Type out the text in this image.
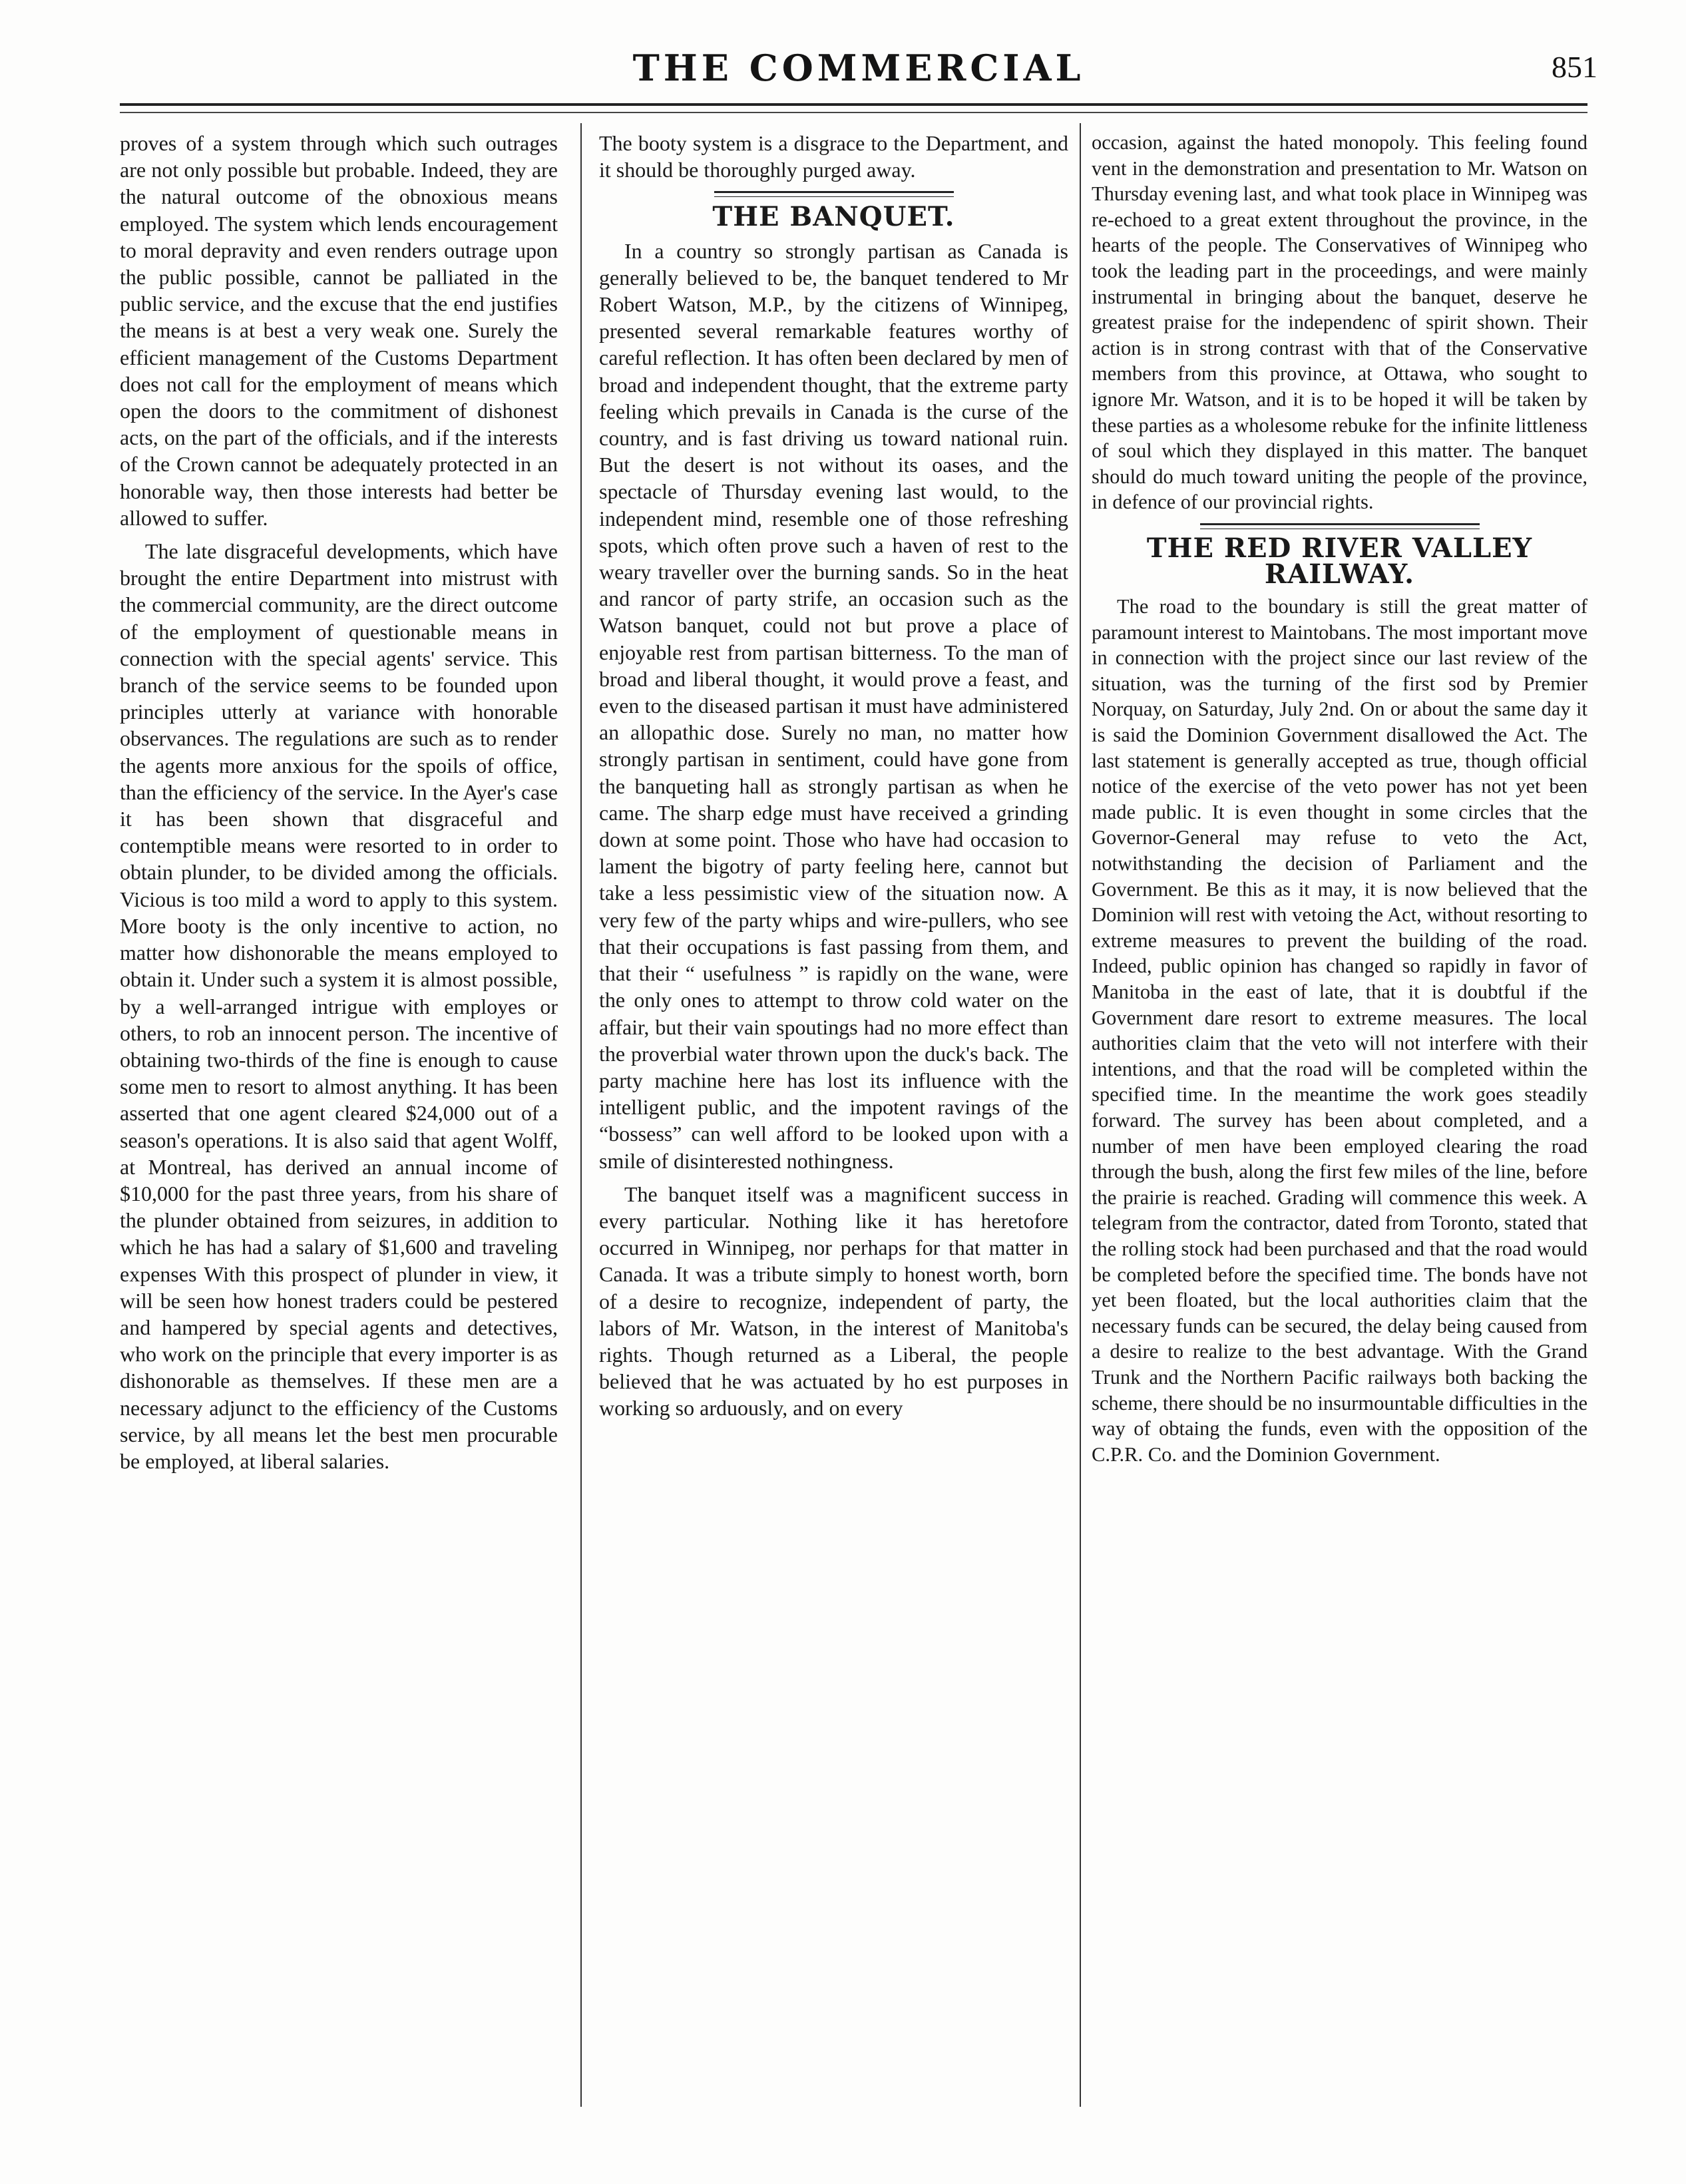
THE COMMERCIAL	851

proves of a system through which such outrages are not only possible but probable. Indeed, they are the natural outcome of the obnoxious means employed. The system which lends encouragement to moral depravity and even renders outrage upon the public possible, cannot be palliated in the public service, and the excuse that the end justifies the means is at best a very weak one. Surely the efficient management of the Customs Department does not call for the employment of means which open the doors to the commitment of dishonest acts, on the part of the officials, and if the interests of the Crown cannot be adequately protected in an honorable way, then those interests had better be allowed to suffer.

The late disgraceful developments, which have brought the entire Department into mistrust with the commercial community, are the direct outcome of the employment of questionable means in connection with the special agents' service. This branch of the service seems to be founded upon principles utterly at variance with honorable observances. The regulations are such as to render the agents more anxious for the spoils of office, than the efficiency of the service. In the Ayer's case it has been shown that disgraceful and contemptible means were resorted to in order to obtain plunder, to be divided among the officials. Vicious is too mild a word to apply to this system. More booty is the only incentive to action, no matter how dishonorable the means employed to obtain it. Under such a system it is almost possible, by a well-arranged intrigue with employes or others, to rob an innocent person. The incentive of obtaining two-thirds of the fine is enough to cause some men to resort to almost anything. It has been asserted that one agent cleared $24,000 out of a season's operations. It is also said that agent Wolff, at Montreal, has derived an annual income of $10,000 for the past three years, from his share of the plunder obtained from seizures, in addition to which he has had a salary of $1,600 and traveling expenses With this prospect of plunder in view, it will be seen how honest traders could be pestered and hampered by special agents and detectives, who work on the principle that every importer is as dishonorable as themselves. If these men are a necessary adjunct to the efficiency of the Customs service, by all means let the best men procurable be employed, at liberal salaries.

The booty system is a disgrace to the Department, and it should be thoroughly purged away.

THE BANQUET.

In a country so strongly partisan as Canada is generally believed to be, the banquet tendered to Mr Robert Watson, M.P., by the citizens of Winnipeg, presented several remarkable features worthy of careful reflection. It has often been declared by men of broad and independent thought, that the extreme party feeling which prevails in Canada is the curse of the country, and is fast driving us toward national ruin. But the desert is not without its oases, and the spectacle of Thursday evening last would, to the independent mind, resemble one of those refreshing spots, which often prove such a haven of rest to the weary traveller over the burning sands. So in the heat and rancor of party strife, an occasion such as the Watson banquet, could not but prove a place of enjoyable rest from partisan bitterness. To the man of broad and liberal thought, it would prove a feast, and even to the diseased partisan it must have administered an allopathic dose. Surely no man, no matter how strongly partisan in sentiment, could have gone from the banqueting hall as strongly partisan as when he came. The sharp edge must have received a grinding down at some point. Those who have had occasion to lament the bigotry of party feeling here, cannot but take a less pessimistic view of the situation now. A very few of the party whips and wire-pullers, who see that their occupations is fast passing from them, and that their “ usefulness ” is rapidly on the wane, were the only ones to attempt to throw cold water on the affair, but their vain spoutings had no more effect than the proverbial water thrown upon the duck's back. The party machine here has lost its influence with the intelligent public, and the impotent ravings of the “bossess” can well afford to be looked upon with a smile of disinterested nothingness.

The banquet itself was a magnificent success in every particular. Nothing like it has heretofore occurred in Winnipeg, nor perhaps for that matter in Canada. It was a tribute simply to honest worth, born of a desire to recognize, independent of party, the labors of Mr. Watson, in the interest of Manitoba's rights. Though returned as a Liberal, the people believed that he was actuated by ho est purposes in working so arduously, and on every

occasion, against the hated monopoly. This feeling found vent in the demonstration and presentation to Mr. Watson on Thursday evening last, and what took place in Winnipeg was re-echoed to a great extent throughout the province, in the hearts of the people. The Conservatives of Winnipeg who took the leading part in the proceedings, and were mainly instrumental in bringing about the banquet, deserve he greatest praise for the independenc of spirit shown. Their action is in strong contrast with that of the Conservative members from this province, at Ottawa, who sought to ignore Mr. Watson, and it is to be hoped it will be taken by these parties as a wholesome rebuke for the infinite littleness of soul which they displayed in this matter. The banquet should do much toward uniting the people of the province, in defence of our provincial rights.

THE RED RIVER VALLEY RAILWAY.

The road to the boundary is still the great matter of paramount interest to Maintobans. The most important move in connection with the project since our last review of the situation, was the turning of the first sod by Premier Norquay, on Saturday, July 2nd. On or about the same day it is said the Dominion Government disallowed the Act. The last statement is generally accepted as true, though official notice of the exercise of the veto power has not yet been made public. It is even thought in some circles that the Governor-General may refuse to veto the Act, notwithstanding the decision of Parliament and the Government. Be this as it may, it is now believed that the Dominion will rest with vetoing the Act, without resorting to extreme measures to prevent the building of the road. Indeed, public opinion has changed so rapidly in favor of Manitoba in the east of late, that it is doubtful if the Government dare resort to extreme measures. The local authorities claim that the veto will not interfere with their intentions, and that the road will be completed within the specified time. In the meantime the work goes steadily forward. The survey has been about completed, and a number of men have been employed clearing the road through the bush, along the first few miles of the line, before the prairie is reached. Grading will commence this week. A telegram from the contractor, dated from Toronto, stated that the rolling stock had been purchased and that the road would be completed before the specified time. The bonds have not yet been floated, but the local authorities claim that the necessary funds can be secured, the delay being caused from a desire to realize to the best advantage. With the Grand Trunk and the Northern Pacific railways both backing the scheme, there should be no insurmountable difficulties in the way of obtaing the funds, even with the opposition of the C.P.R. Co. and the Dominion Government.
